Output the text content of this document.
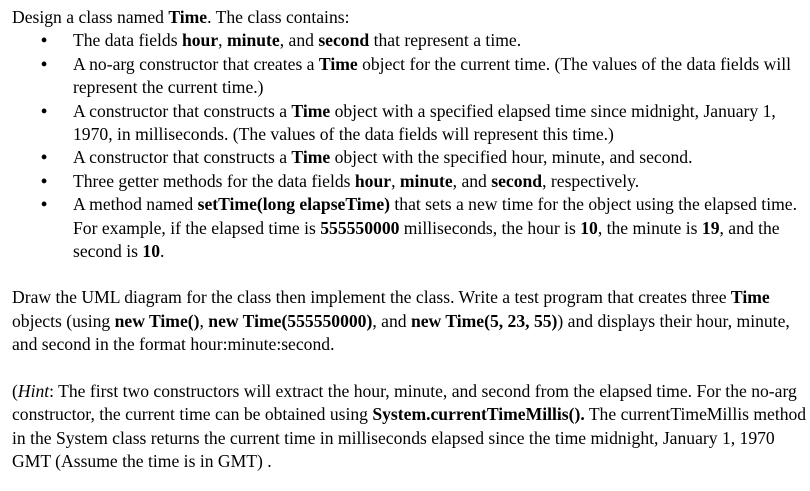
Design a class named Time. The class contains:

• The data fields hour, minute, and second that represent a time.
• A no-arg constructor that creates a Time object for the current time. (The values of the data fields will represent the current time.)
• A constructor that constructs a Time object with a specified elapsed time since midnight, January 1, 1970, in milliseconds. (The values of the data fields will represent this time.)
• A constructor that constructs a Time object with the specified hour, minute, and second.
• Three getter methods for the data fields hour, minute, and second, respectively.
• A method named setTime(long elapseTime) that sets a new time for the object using the elapsed time. For example, if the elapsed time is 555550000 milliseconds, the hour is 10, the minute is 19, and the second is 10.

Draw the UML diagram for the class then implement the class. Write a test program that creates three Time objects (using new Time(), new Time(555550000), and new Time(5, 23, 55)) and displays their hour, minute, and second in the format hour:minute:second.

(Hint: The first two constructors will extract the hour, minute, and second from the elapsed time. For the no-arg constructor, the current time can be obtained using System.currentTimeMillis(). The currentTimeMillis method in the System class returns the current time in milliseconds elapsed since the time midnight, January 1, 1970 GMT (Assume the time is in GMT) .
